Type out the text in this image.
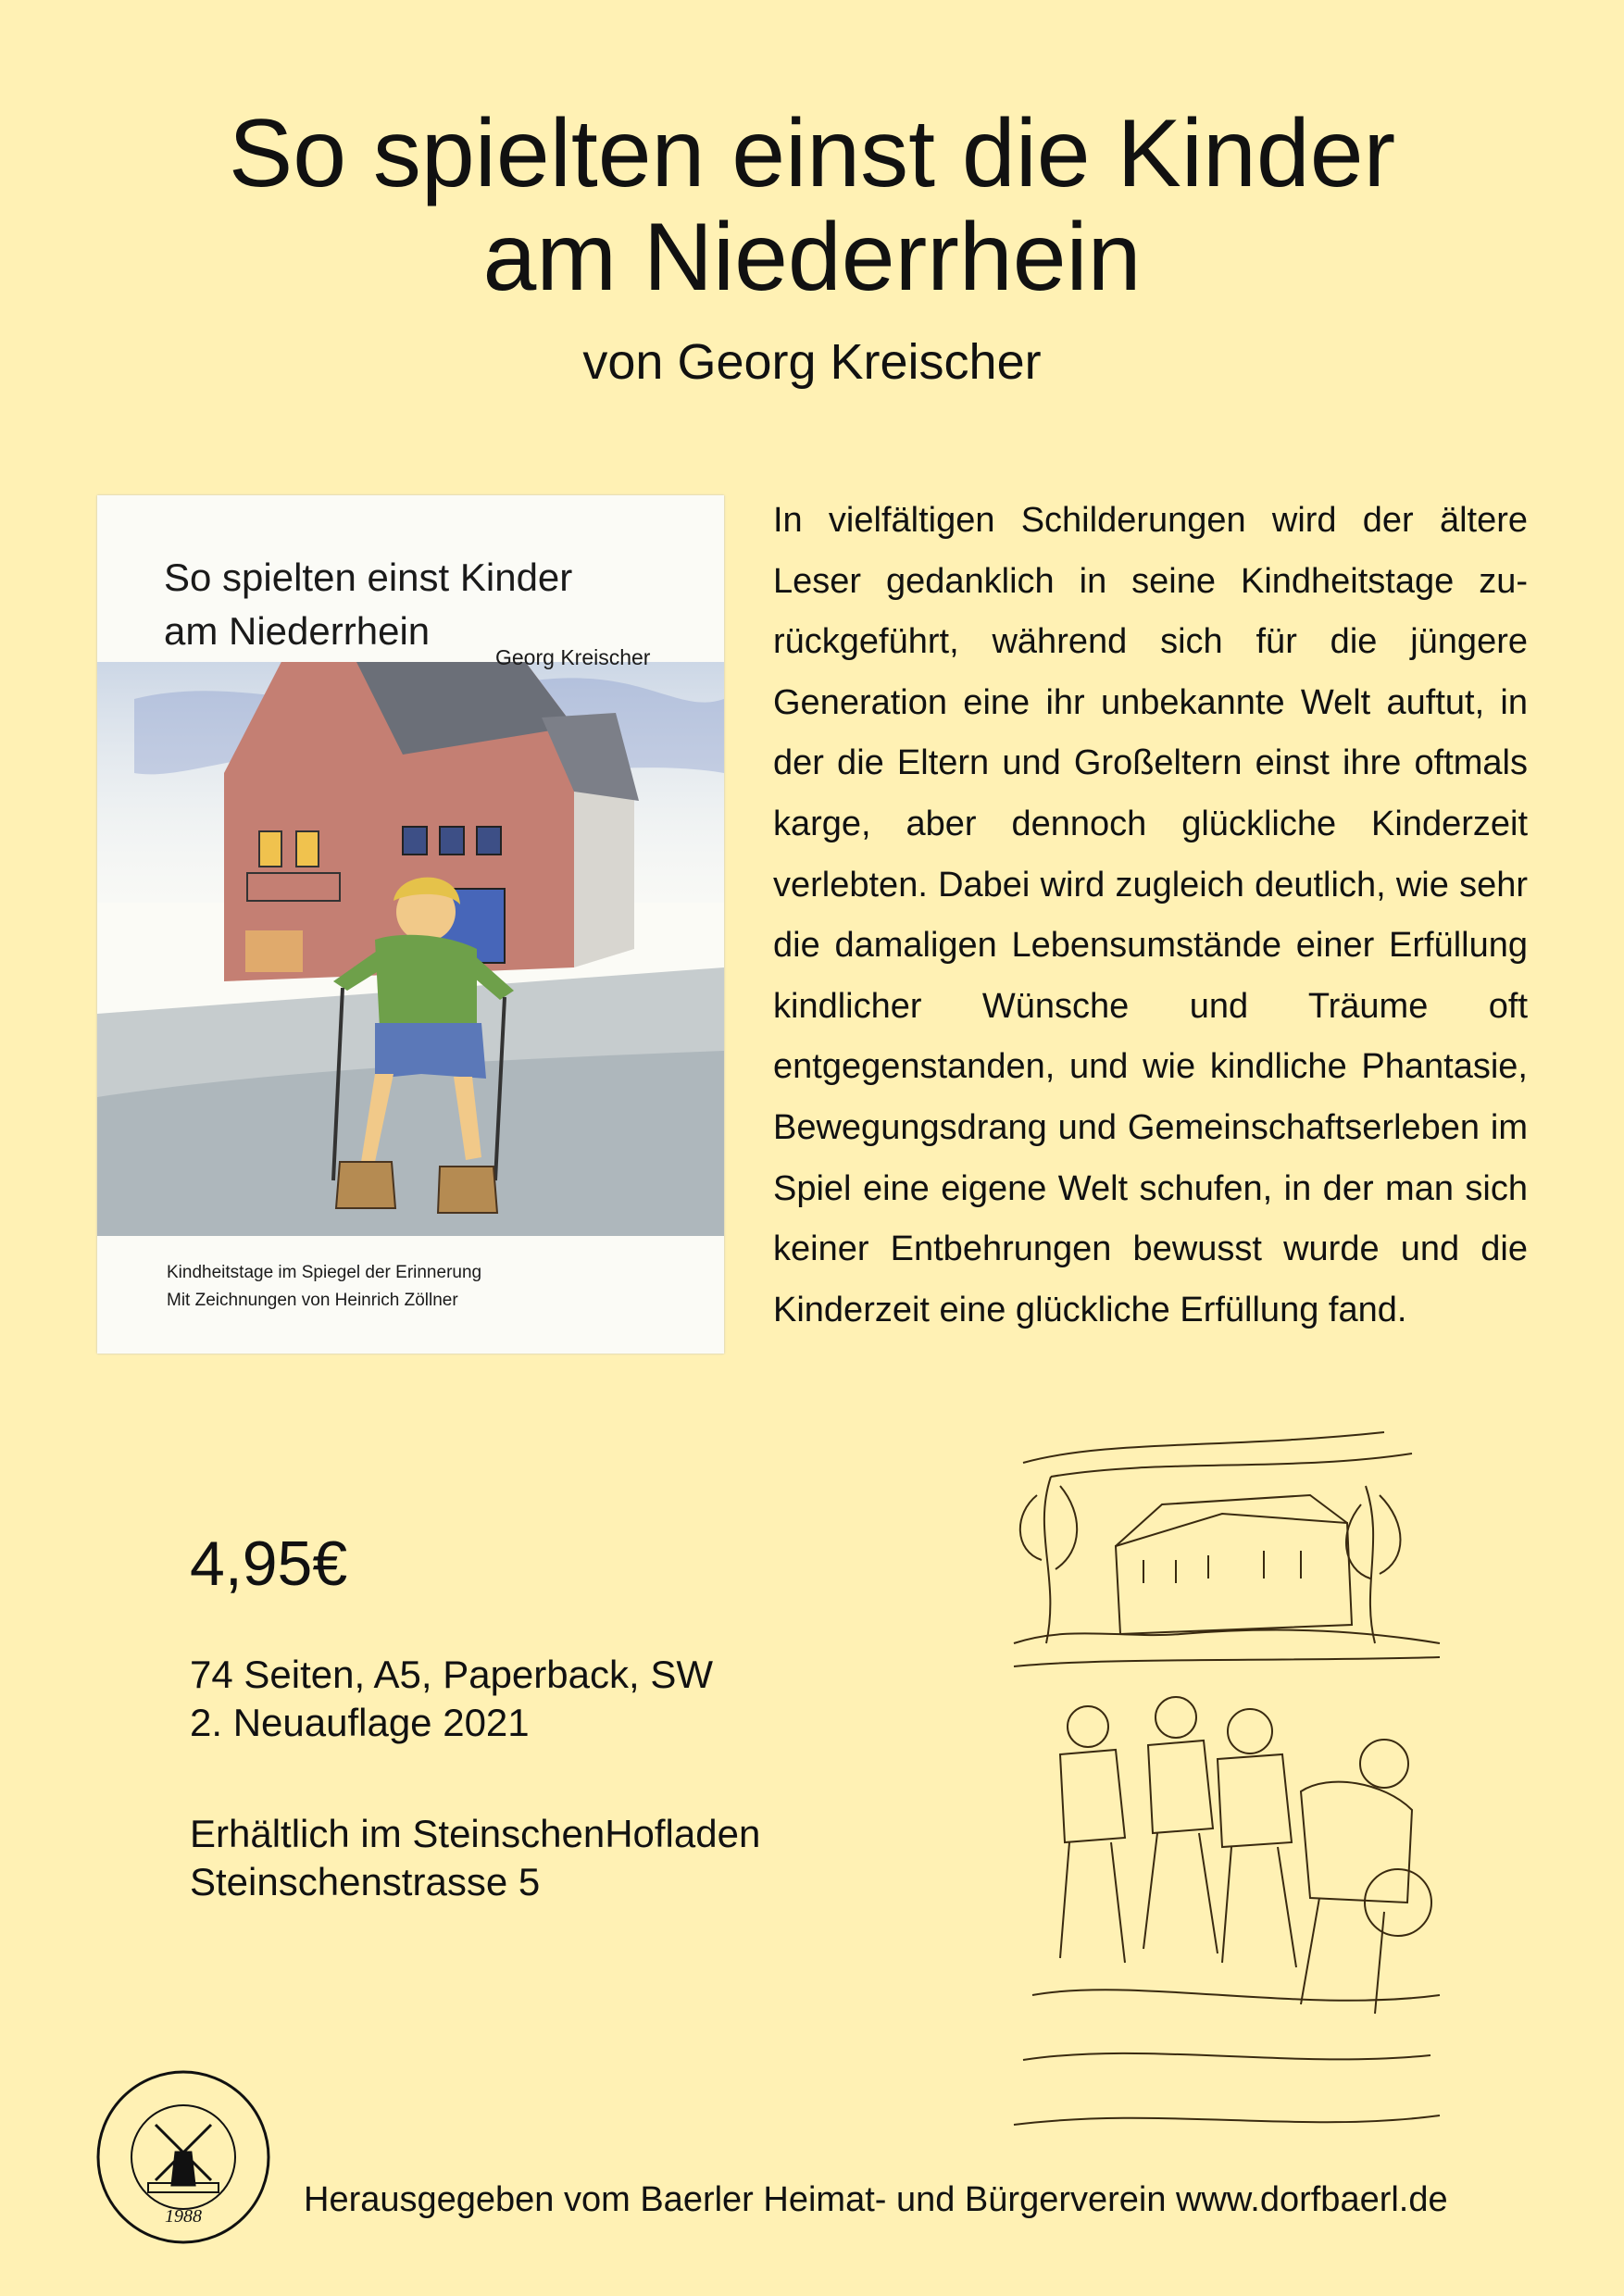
So spielten einst die Kinder
am Niederrhein

von Georg Kreischer

So spielten einst Kinder
am Niederrhein
Georg Kreischer
Kindheitstage im Spiegel der Erinnerung
Mit Zeichnungen von Heinrich Zöllner

In vielfältigen Schilderungen wird der ältere Leser gedanklich in seine Kindheitstage zurückgeführt, während sich für die jüngere Generation eine ihr unbekannte Welt auftut, in der die Eltern und Großeltern einst ihre oftmals karge, aber dennoch glückliche Kinderzeit verlebten. Dabei wird zugleich deutlich, wie sehr die damaligen Lebensumstände einer Erfüllung kindlicher Wünsche und Träume oft entgegenstanden, und wie kindliche Phantasie, Bewegungsdrang und Gemeinschaftserleben im Spiel eine eigene Welt schufen, in der man sich keiner Entbehrungen bewusst wurde und die Kinderzeit eine glückliche Erfüllung fand.

4,95€

74 Seiten, A5, Paperback, SW
2. Neuauflage 2021
Erhältlich im SteinschenHofladen
Steinschenstrasse 5
1988	Herausgegeben vom Baerler Heimat- und Bürgerverein www.dorfbaerl.de
